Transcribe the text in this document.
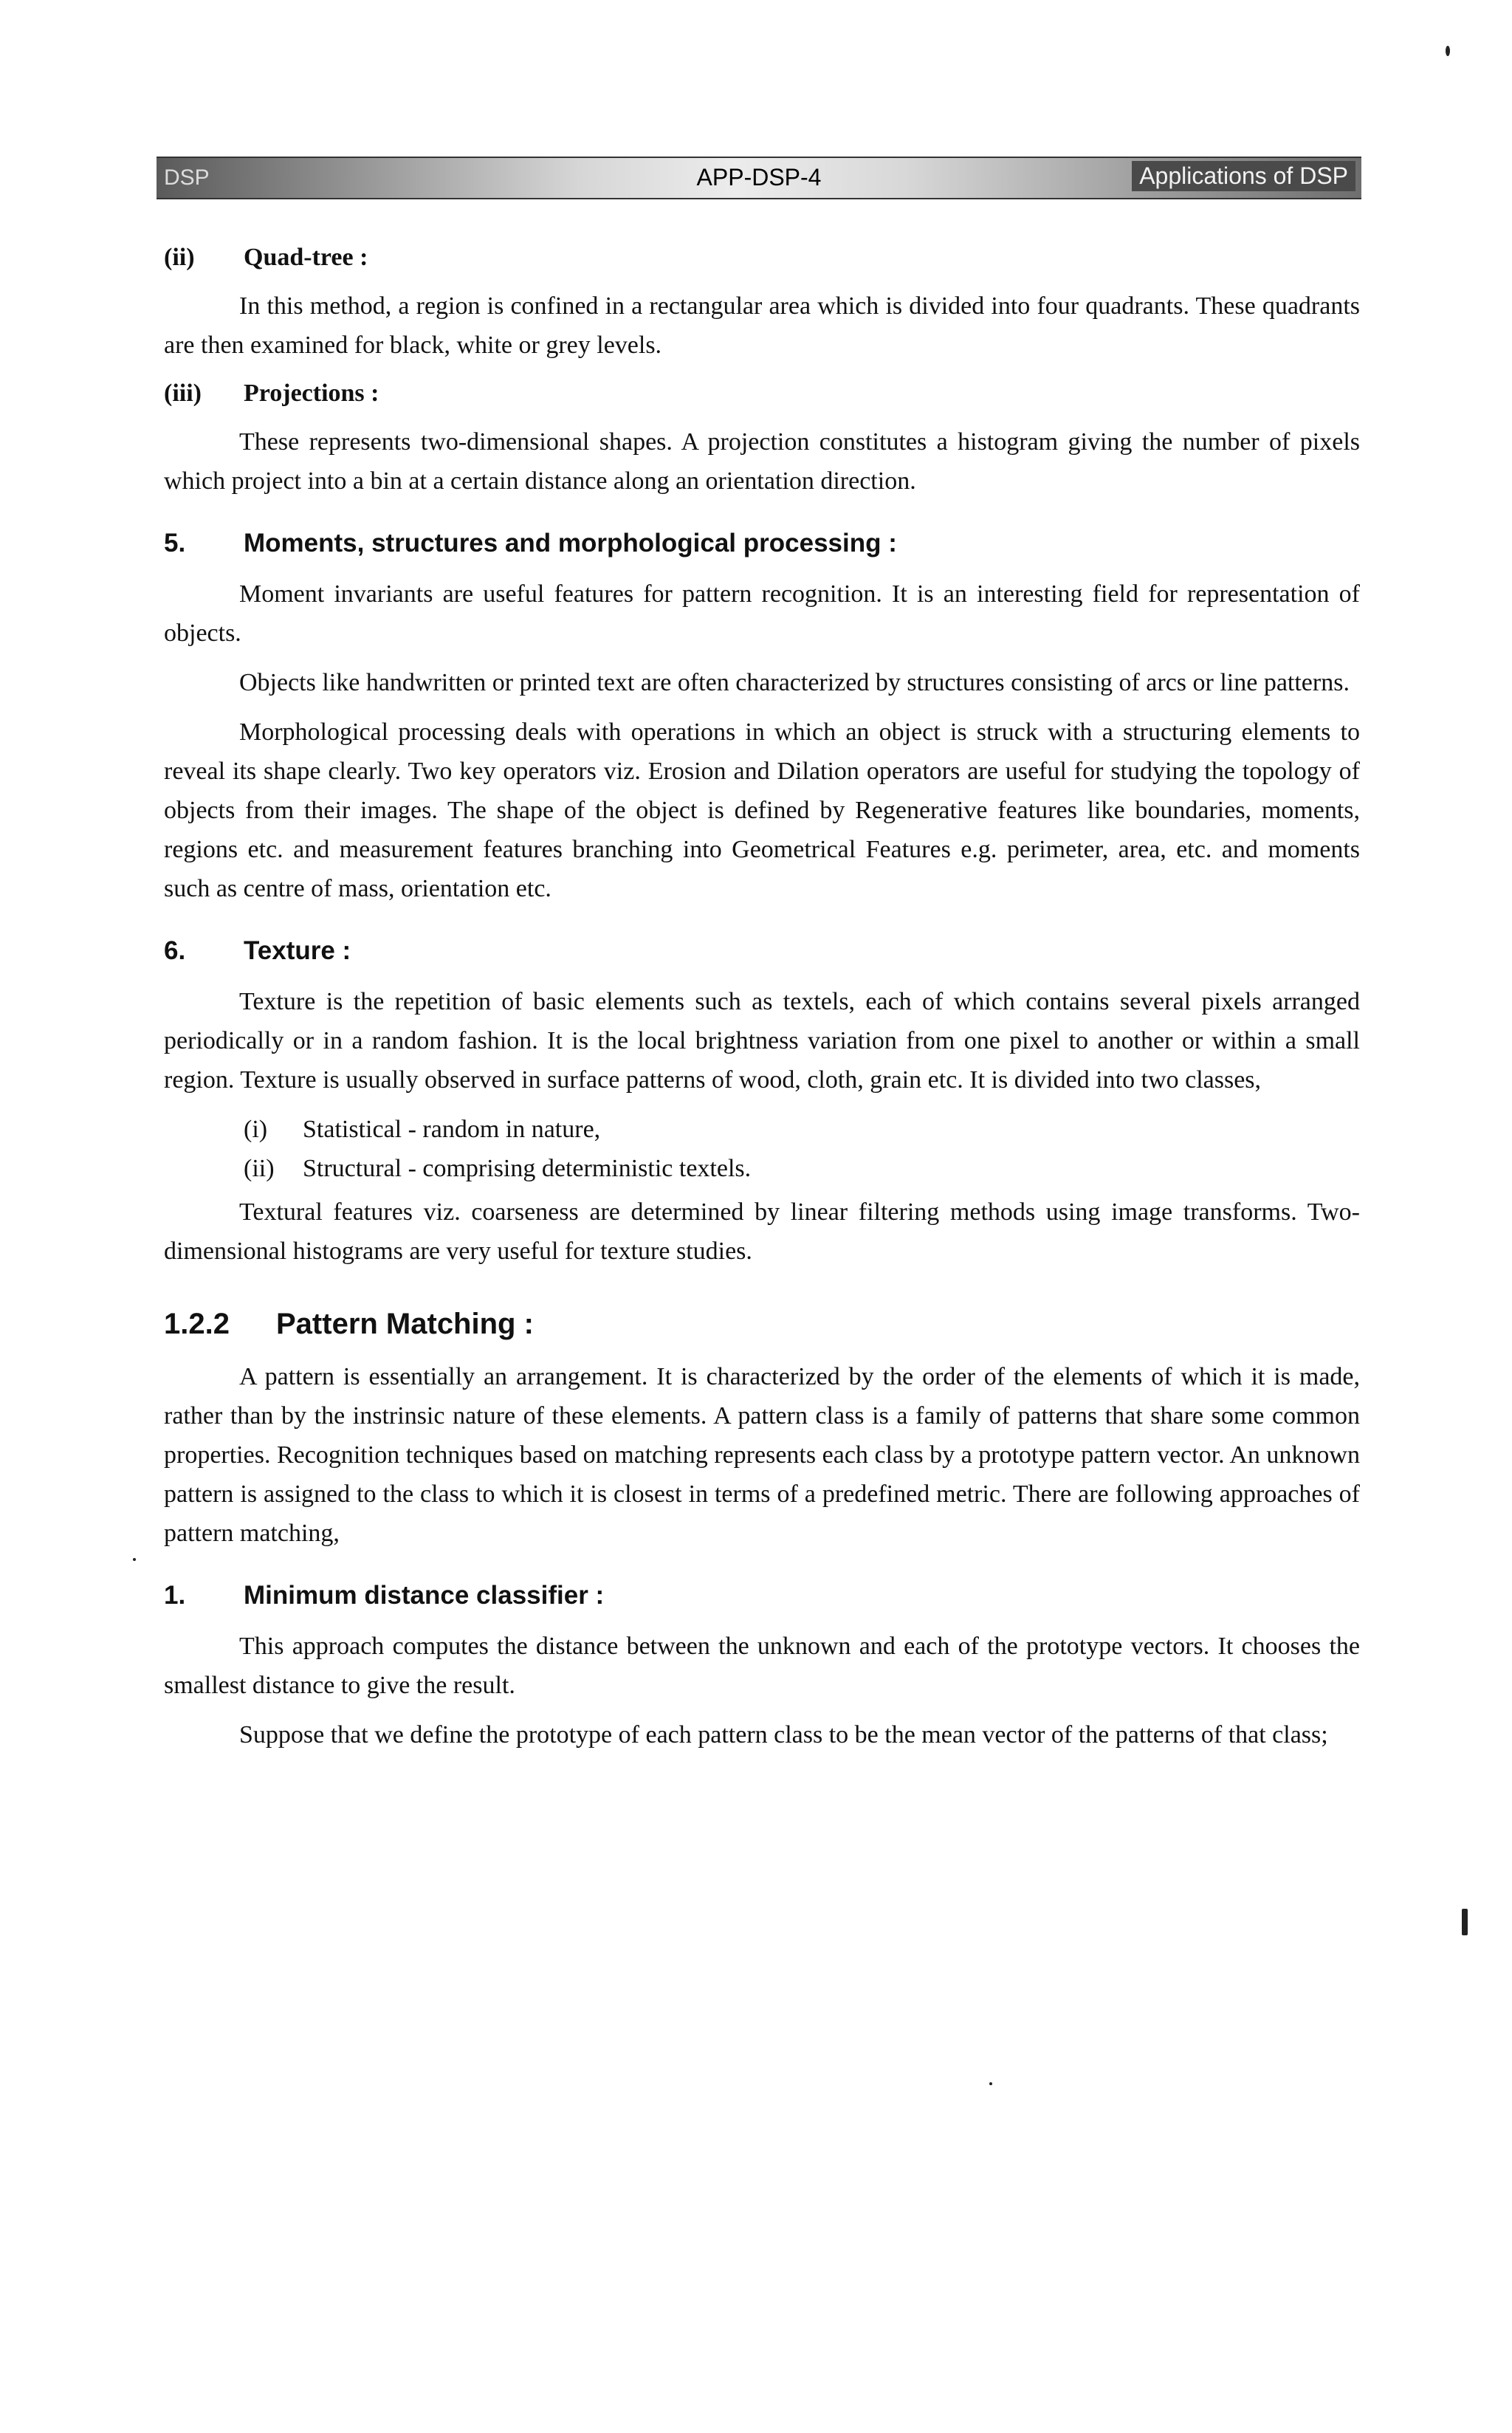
DSP	APP-DSP-4	Applications of DSP
(ii)	Quad-tree :

In this method, a region is confined in a rectangular area which is divided into four quadrants. These quadrants are then examined for black, white or grey levels.

(iii)	Projections :

These represents two-dimensional shapes. A projection constitutes a histogram giving the number of pixels which project into a bin at a certain distance along an orientation direction.

5.	Moments, structures and morphological processing :

Moment invariants are useful features for pattern recognition. It is an interesting field for representation of objects.

Objects like handwritten or printed text are often characterized by structures consisting of arcs or line patterns.

Morphological processing deals with operations in which an object is struck with a structuring elements to reveal its shape clearly. Two key operators viz. Erosion and Dilation operators are useful for studying the topology of objects from their images. The shape of the object is defined by Regenerative features like boundaries, moments, regions etc. and measurement features branching into Geometrical Features e.g. perimeter, area, etc. and moments such as centre of mass, orientation etc.

6.	Texture :

Texture is the repetition of basic elements such as textels, each of which contains several pixels arranged periodically or in a random fashion. It is the local brightness variation from one pixel to another or within a small region. Texture is usually observed in surface patterns of wood, cloth, grain etc. It is divided into two classes,

(i)	Statistical - random in nature,
(ii)	Structural - comprising deterministic textels.

Textural features viz. coarseness are determined by linear filtering methods using image transforms. Two-dimensional histograms are very useful for texture studies.

1.2.2	Pattern Matching :

A pattern is essentially an arrangement. It is characterized by the order of the elements of which it is made, rather than by the instrinsic nature of these elements. A pattern class is a family of patterns that share some common properties. Recognition techniques based on matching represents each class by a prototype pattern vector. An unknown pattern is assigned to the class to which it is closest in terms of a predefined metric. There are following approaches of pattern matching,

1.	Minimum distance classifier :

This approach computes the distance between the unknown and each of the prototype vectors. It chooses the smallest distance to give the result.

Suppose that we define the prototype of each pattern class to be the mean vector of the patterns of that class;
